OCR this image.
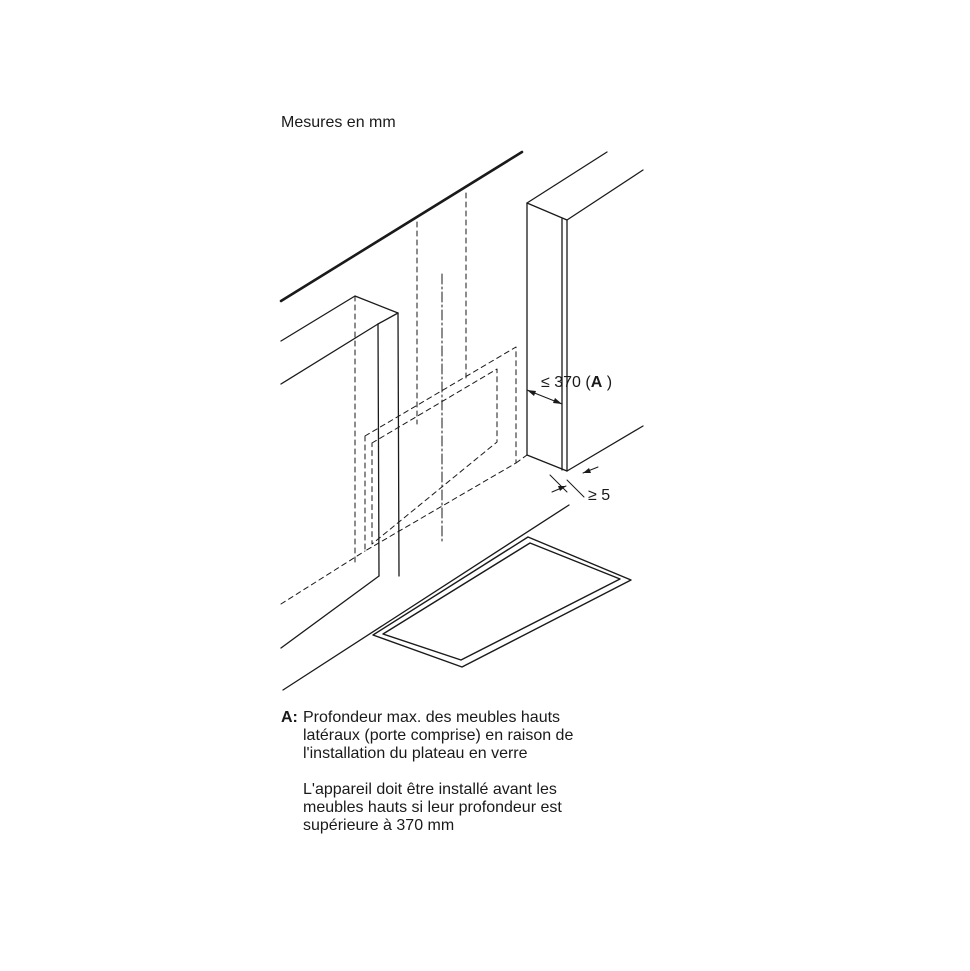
Mesures en mm
≤ 370 (A )
≥ 5
A: Profondeur max. des meubles hauts
latéraux (porte comprise) en raison de
l'installation du plateau en verre

L'appareil doit être installé avant les
meubles hauts si leur profondeur est
supérieure à 370 mm
